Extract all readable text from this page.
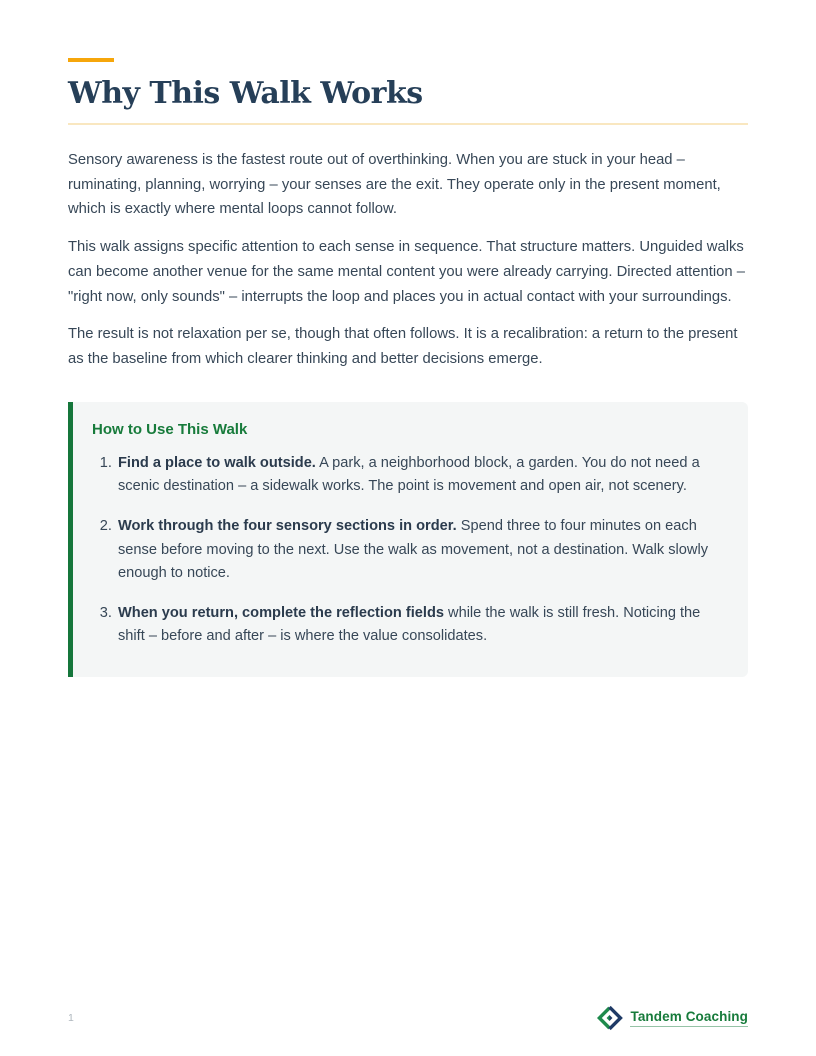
Why This Walk Works

Sensory awareness is the fastest route out of overthinking. When you are stuck in your head – ruminating, planning, worrying – your senses are the exit. They operate only in the present moment, which is exactly where mental loops cannot follow.

This walk assigns specific attention to each sense in sequence. That structure matters. Unguided walks can become another venue for the same mental content you were already carrying. Directed attention – "right now, only sounds" – interrupts the loop and places you in actual contact with your surroundings.

The result is not relaxation per se, though that often follows. It is a recalibration: a return to the present as the baseline from which clearer thinking and better decisions emerge.

How to Use This Walk
1. Find a place to walk outside. A park, a neighborhood block, a garden. You do not need a scenic destination – a sidewalk works. The point is movement and open air, not scenery.
2. Work through the four sensory sections in order. Spend three to four minutes on each sense before moving to the next. Use the walk as movement, not a destination. Walk slowly enough to notice.
3. When you return, complete the reflection fields while the walk is still fresh. Noticing the shift – before and after – is where the value consolidates.
1	Tandem Coaching
